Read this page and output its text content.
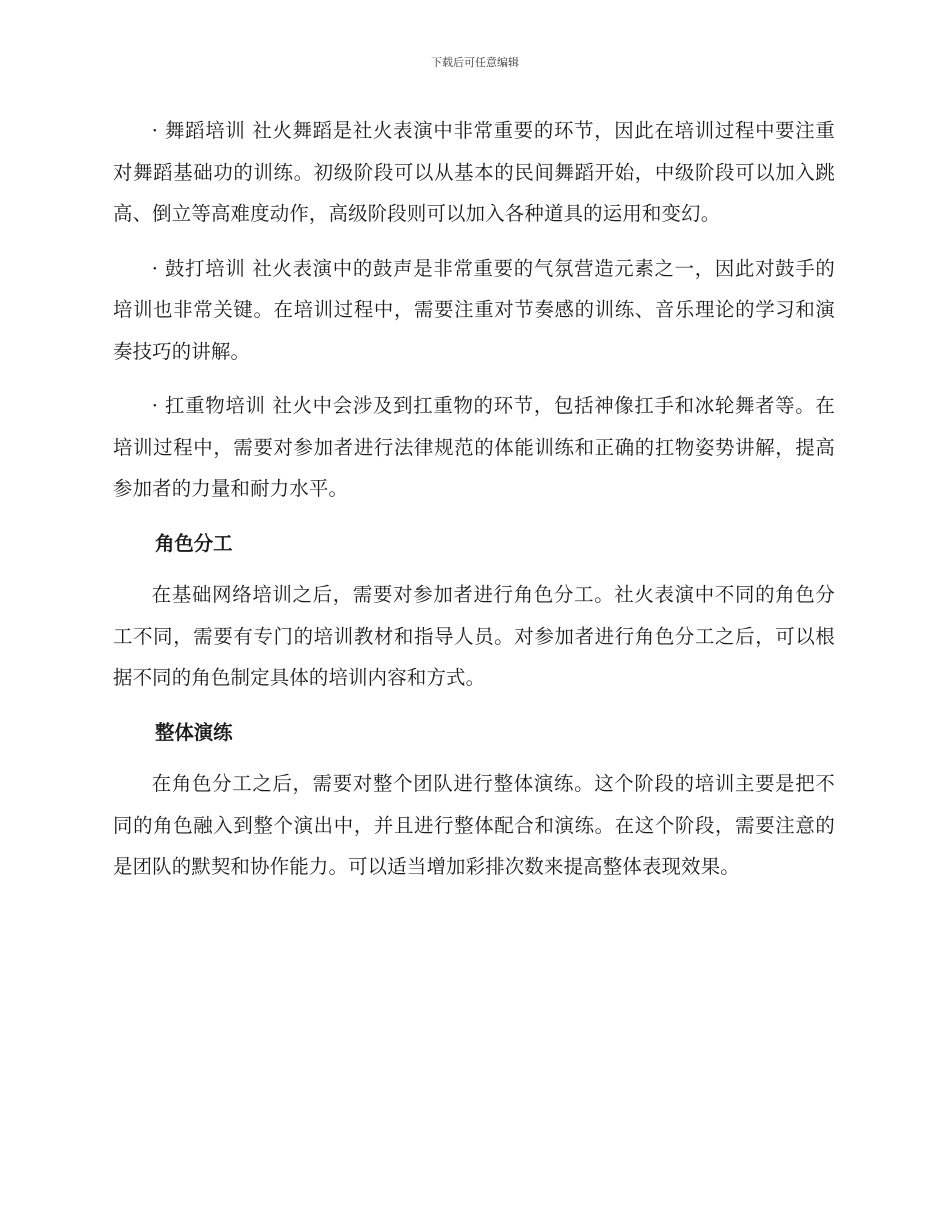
下载后可任意编辑

· 舞蹈培训 社火舞蹈是社火表演中非常重要的环节，因此在培训过程中要注重对舞蹈基础功的训练。初级阶段可以从基本的民间舞蹈开始，中级阶段可以加入跳高、倒立等高难度动作，高级阶段则可以加入各种道具的运用和变幻。

· 鼓打培训 社火表演中的鼓声是非常重要的气氛营造元素之一，因此对鼓手的培训也非常关键。在培训过程中，需要注重对节奏感的训练、音乐理论的学习和演奏技巧的讲解。

· 扛重物培训 社火中会涉及到扛重物的环节，包括神像扛手和冰轮舞者等。在培训过程中，需要对参加者进行法律规范的体能训练和正确的扛物姿势讲解，提高参加者的力量和耐力水平。

角色分工

在基础网络培训之后，需要对参加者进行角色分工。社火表演中不同的角色分工不同，需要有专门的培训教材和指导人员。对参加者进行角色分工之后，可以根据不同的角色制定具体的培训内容和方式。

整体演练

在角色分工之后，需要对整个团队进行整体演练。这个阶段的培训主要是把不同的角色融入到整个演出中，并且进行整体配合和演练。在这个阶段，需要注意的是团队的默契和协作能力。可以适当增加彩排次数来提高整体表现效果。
